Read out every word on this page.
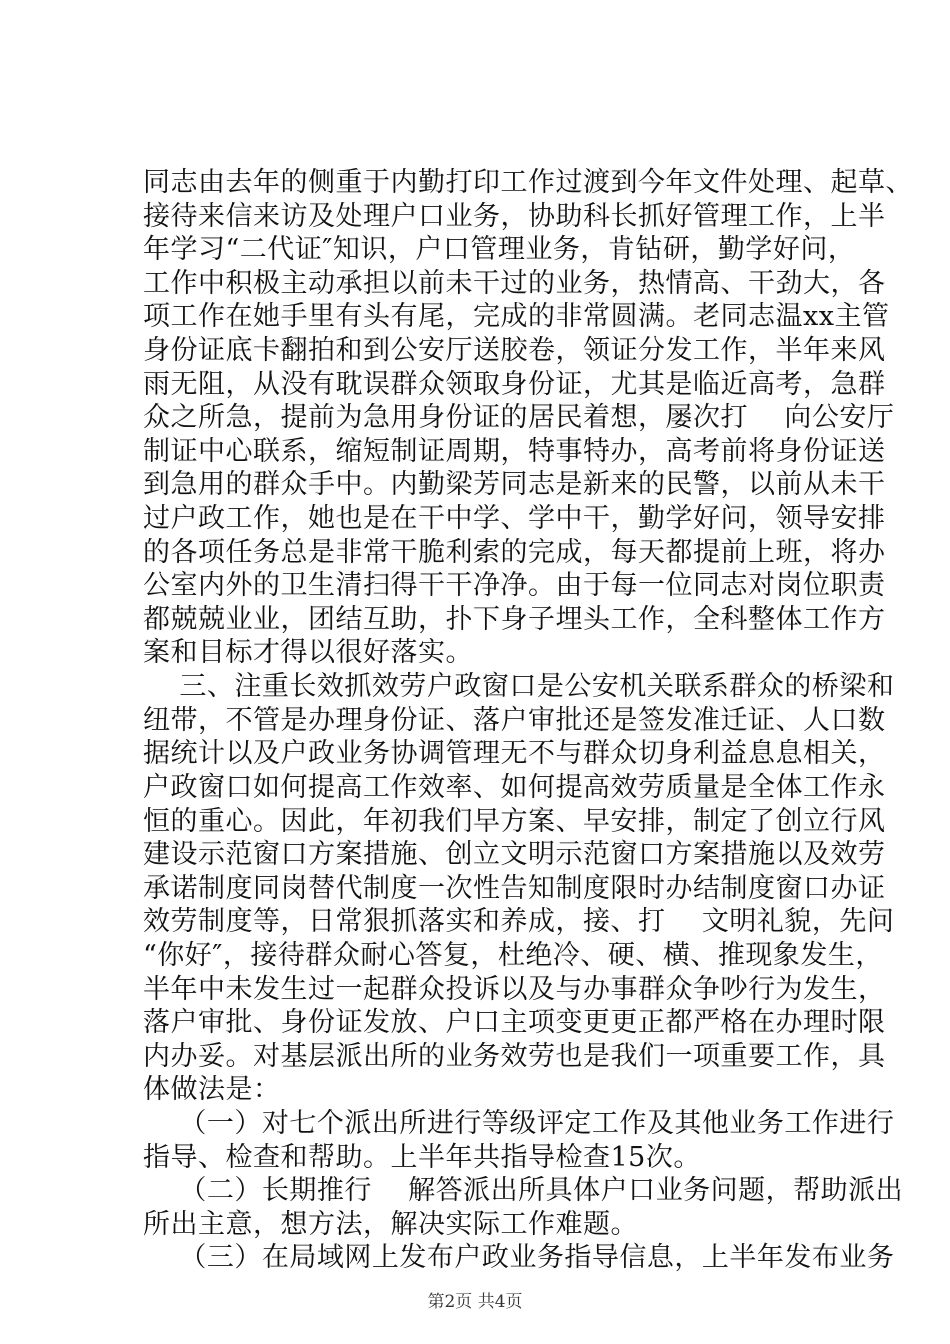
同志由去年的侧重于内勤打印工作过渡到今年文件处理、起草、
接待来信来访及处理户口业务，协助科长抓好管理工作，上半
年学习“二代证″知识，户口管理业务，肯钻研，勤学好问，
工作中积极主动承担以前未干过的业务，热情高、干劲大，各
项工作在她手里有头有尾，完成的非常圆满。老同志温xx主管
身份证底卡翻拍和到公安厅送胶卷，领证分发工作，半年来风
雨无阻，从没有耽误群众领取身份证，尤其是临近高考，急群
众之所急，提前为急用身份证的居民着想，屡次打    向公安厅
制证中心联系，缩短制证周期，特事特办，高考前将身份证送
到急用的群众手中。内勤梁芳同志是新来的民警，以前从未干
过户政工作，她也是在干中学、学中干，勤学好问，领导安排
的各项任务总是非常干脆利索的完成，每天都提前上班，将办
公室内外的卫生清扫得干干净净。由于每一位同志对岗位职责
都兢兢业业，团结互助，扑下身子埋头工作，全科整体工作方
案和目标才得以很好落实。
三、注重长效抓效劳户政窗口是公安机关联系群众的桥梁和
纽带，不管是办理身份证、落户审批还是签发准迁证、人口数
据统计以及户政业务协调管理无不与群众切身利益息息相关，
户政窗口如何提高工作效率、如何提高效劳质量是全体工作永
恒的重心。因此，年初我们早方案、早安排，制定了创立行风
建设示范窗口方案措施、创立文明示范窗口方案措施以及效劳
承诺制度同岗替代制度一次性告知制度限时办结制度窗口办证
效劳制度等，日常狠抓落实和养成，接、打    文明礼貌，先问
“你好″，接待群众耐心答复，杜绝冷、硬、横、推现象发生，
半年中未发生过一起群众投诉以及与办事群众争吵行为发生，
落户审批、身份证发放、户口主项变更更正都严格在办理时限
内办妥。对基层派出所的业务效劳也是我们一项重要工作，具
体做法是：
（一）对七个派出所进行等级评定工作及其他业务工作进行
指导、检查和帮助。上半年共指导检查15次。
（二）长期推行    解答派出所具体户口业务问题，帮助派出
所出主意，想方法，解决实际工作难题。
（三）在局域网上发布户政业务指导信息，上半年发布业务
第2页 共4页
